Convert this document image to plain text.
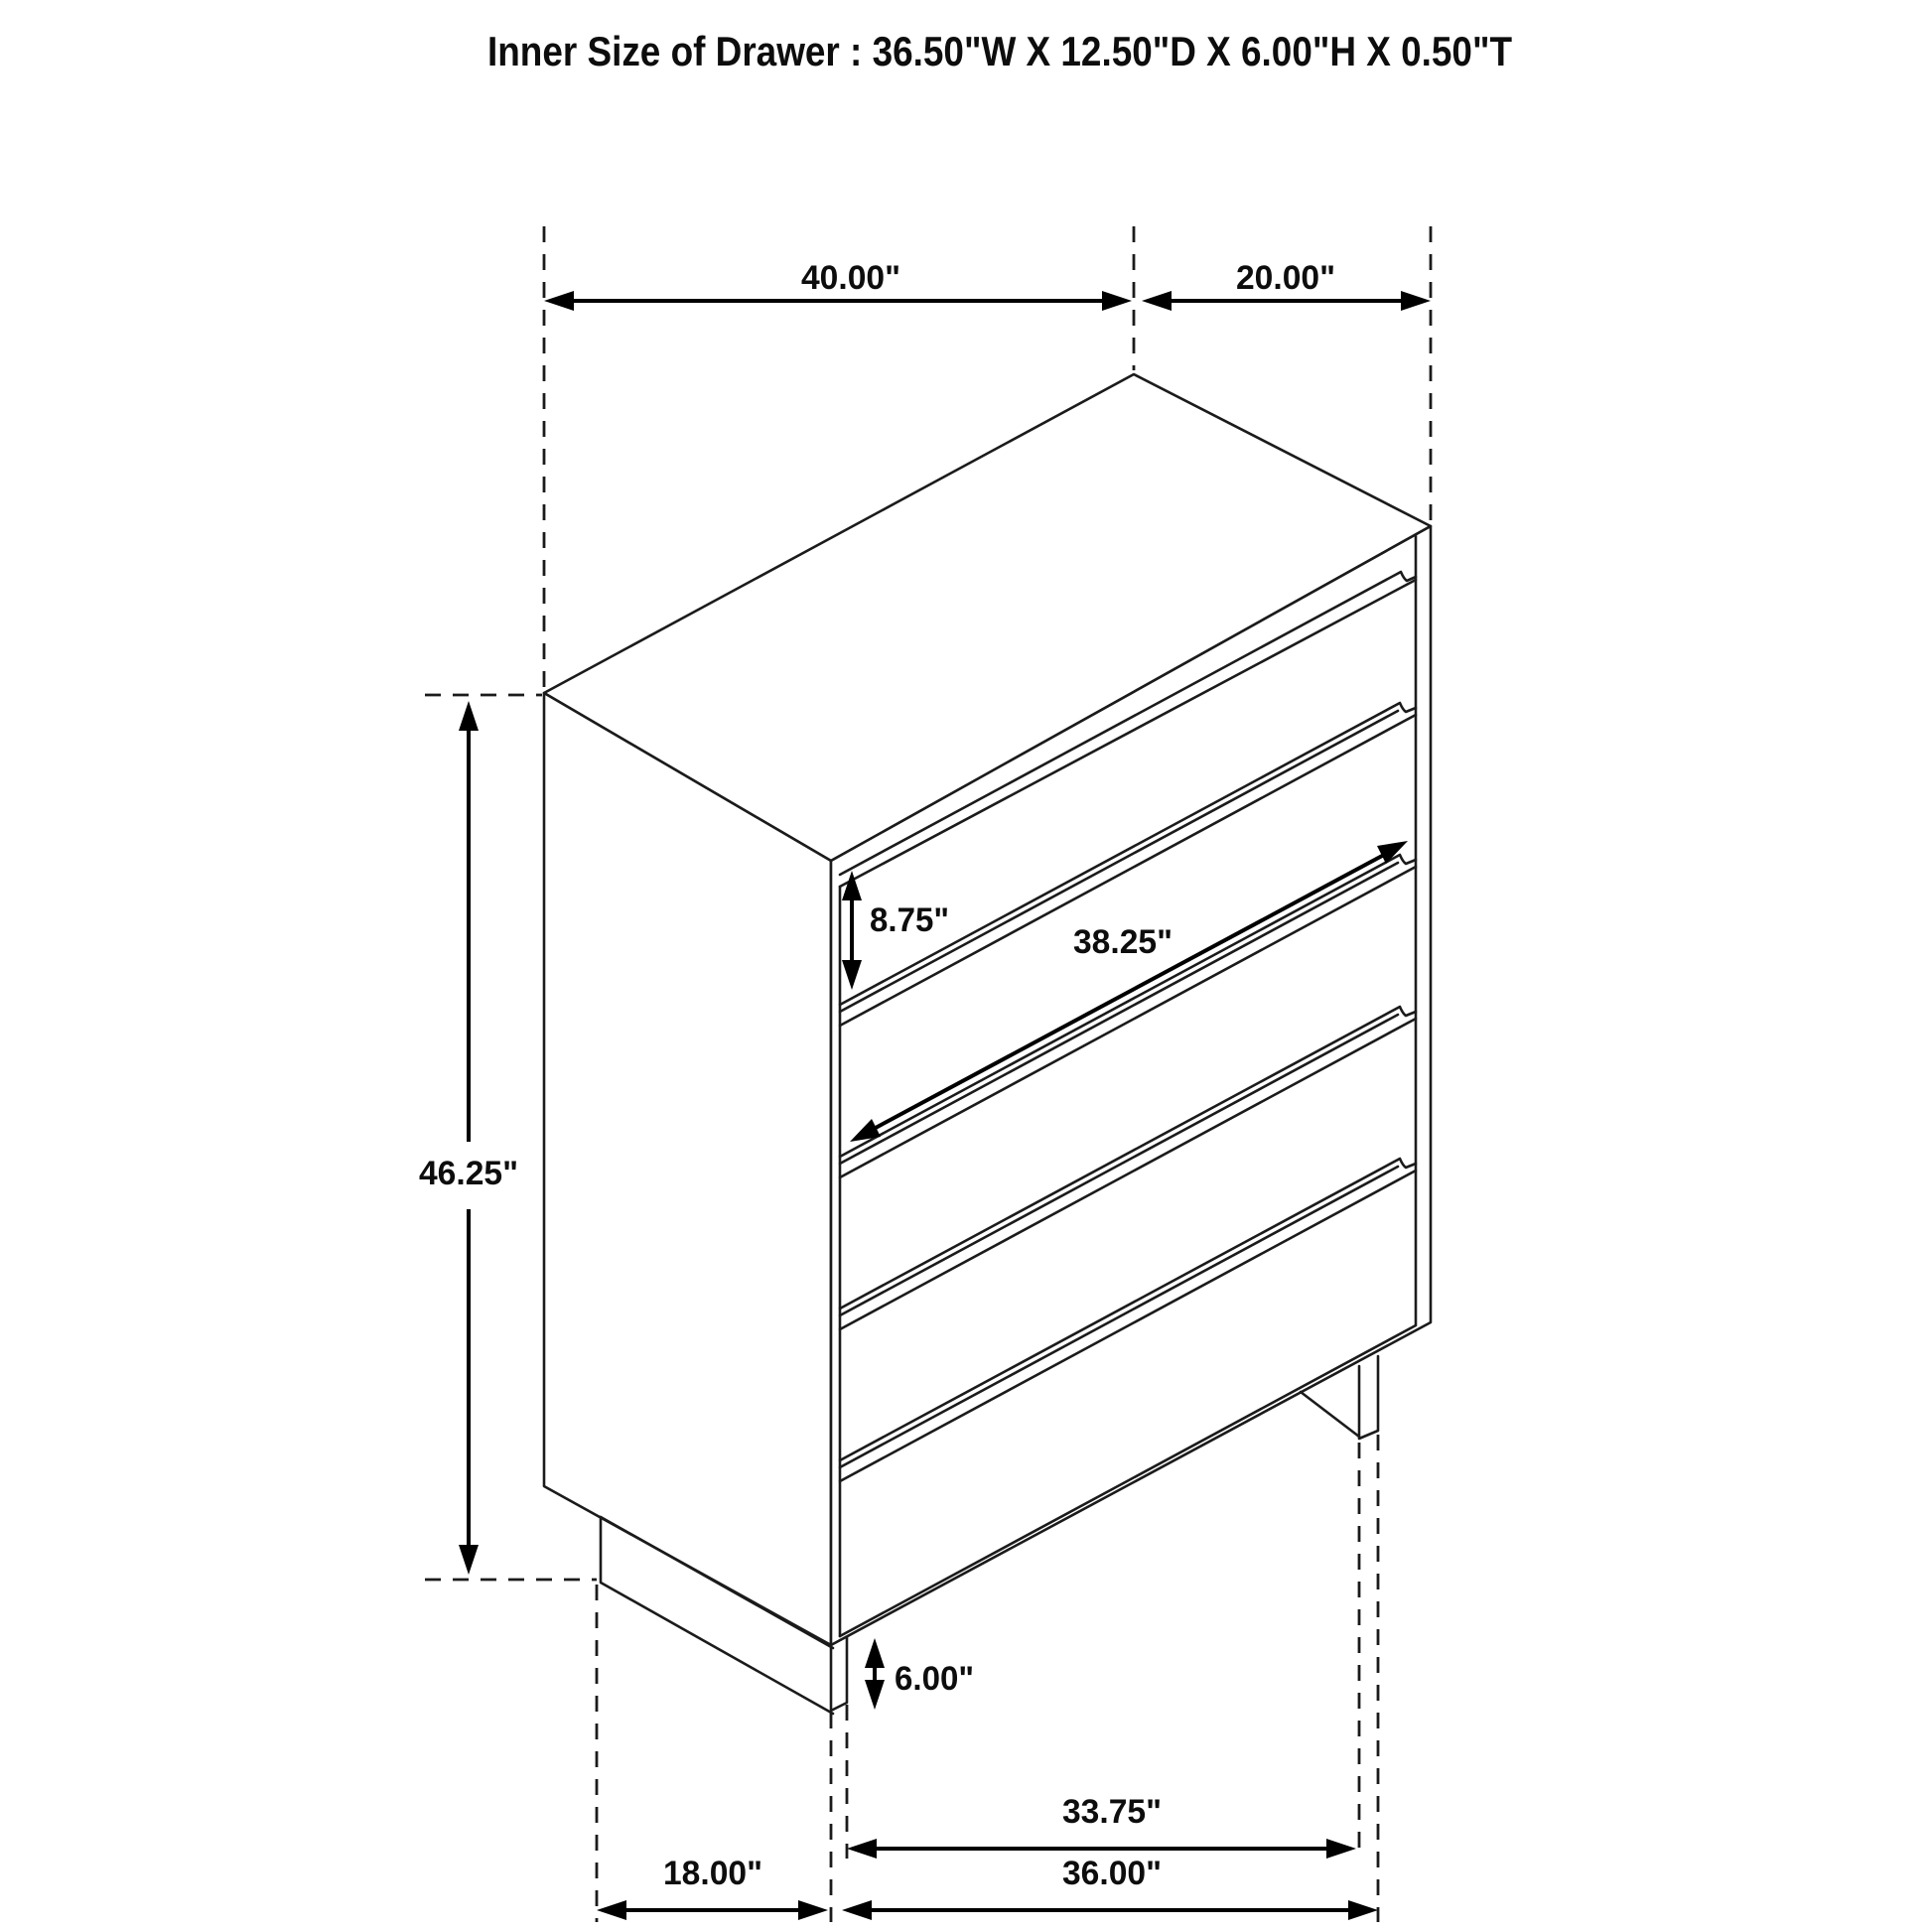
Inner Size of Drawer : 36.50"W X 12.50"D X 6.00"H X 0.50"T
40.00"	20.00"
46.25"
8.75"
38.25"
6.00"
33.75"
18.00"	36.00"
